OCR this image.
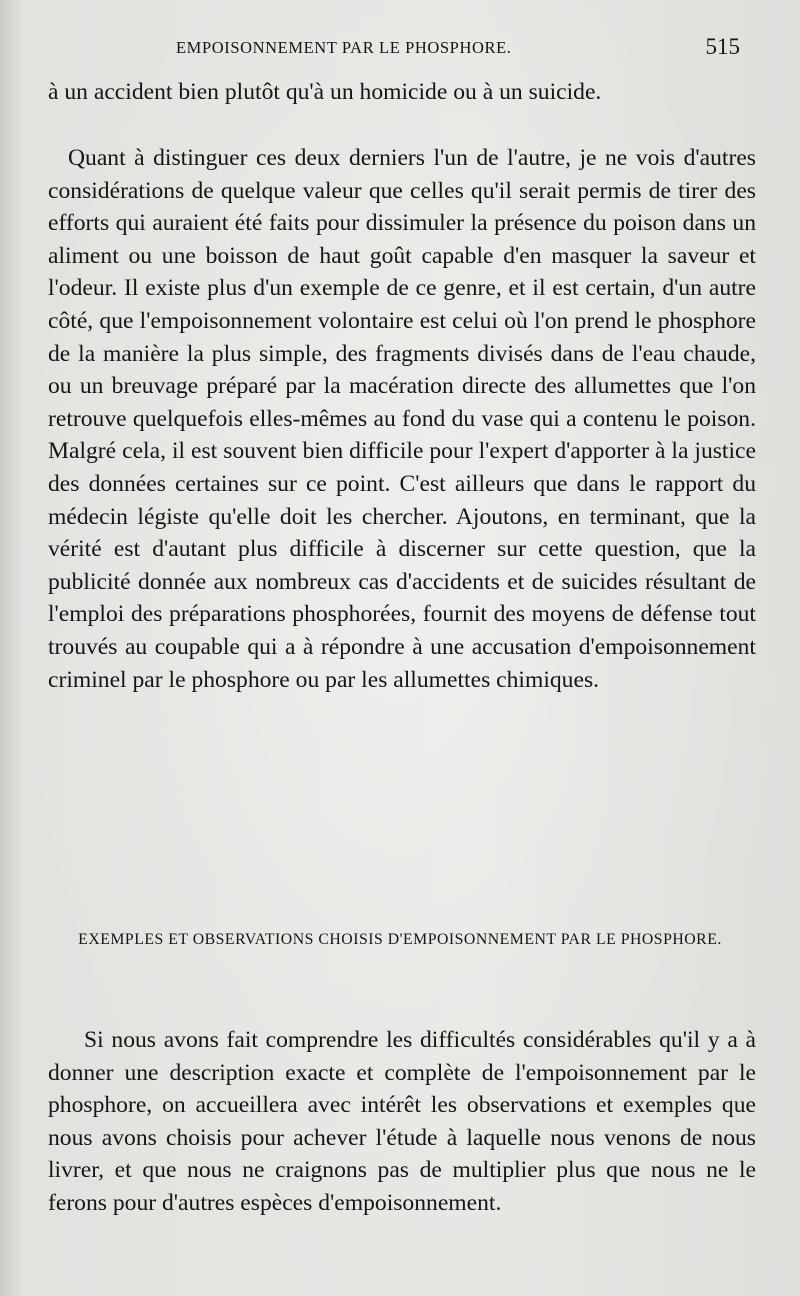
EMPOISONNEMENT PAR LE PHOSPHORE.	515

à un accident bien plutôt qu'à un homicide ou à un suicide.

Quant à distinguer ces deux derniers l'un de l'autre, je ne vois d'autres considérations de quelque valeur que celles qu'il serait permis de tirer des efforts qui auraient été faits pour dissimuler la présence du poison dans un aliment ou une boisson de haut goût capable d'en masquer la saveur et l'odeur. Il existe plus d'un exemple de ce genre, et il est certain, d'un autre côté, que l'empoisonnement volontaire est celui où l'on prend le phosphore de la manière la plus simple, des fragments divisés dans de l'eau chaude, ou un breuvage préparé par la macération directe des allumettes que l'on retrouve quelquefois elles-mêmes au fond du vase qui a contenu le poison. Malgré cela, il est souvent bien difficile pour l'expert d'apporter à la justice des données certaines sur ce point. C'est ailleurs que dans le rapport du médecin légiste qu'elle doit les chercher. Ajoutons, en terminant, que la vérité est d'autant plus difficile à discerner sur cette question, que la publicité donnée aux nombreux cas d'accidents et de suicides résultant de l'emploi des préparations phosphorées, fournit des moyens de défense tout trouvés au coupable qui a à répondre à une accusation d'empoisonnement criminel par le phosphore ou par les allumettes chimiques.

EXEMPLES ET OBSERVATIONS CHOISIS D'EMPOISONNEMENT PAR LE PHOSPHORE.

Si nous avons fait comprendre les difficultés considérables qu'il y a à donner une description exacte et complète de l'empoisonnement par le phosphore, on accueillera avec intérêt les observations et exemples que nous avons choisis pour achever l'étude à laquelle nous venons de nous livrer, et que nous ne craignons pas de multiplier plus que nous ne le ferons pour d'autres espèces d'empoisonnement.
